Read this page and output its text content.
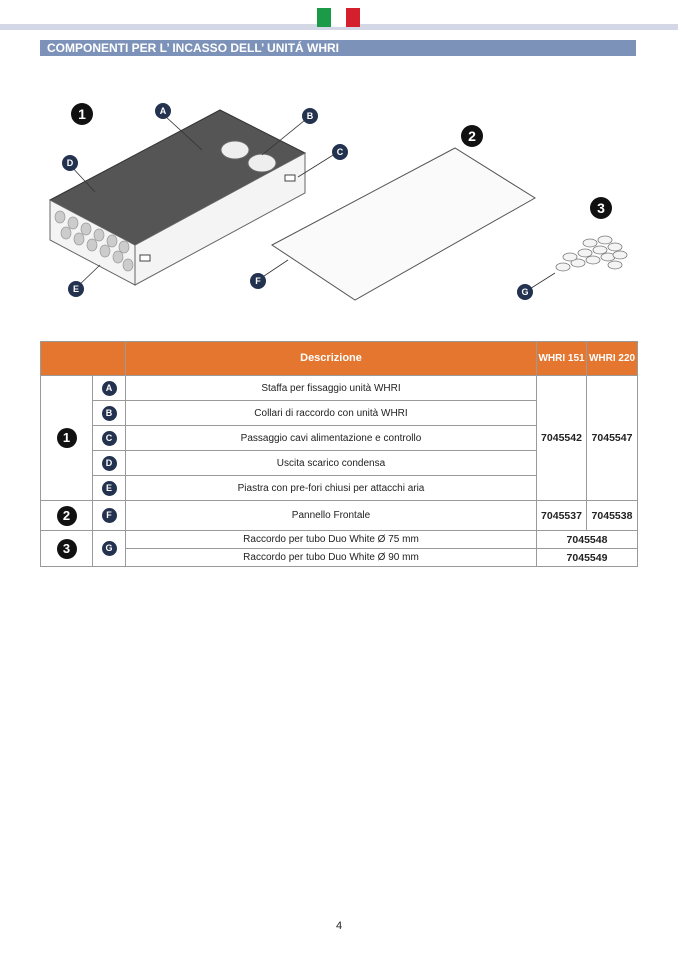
COMPONENTI PER L’ INCASSO DELL’ UNITÁ WHRI
1
2
3
A	B
C
D
E
F
G
		Descrizione	WHRI 151	WHRI 220
1	A	Staffa per fissaggio unità WHRI	7045542	7045547
	B	Collari di raccordo con unità WHRI		
	C	Passaggio cavi alimentazione e controllo		
	D	Uscita scarico condensa		
	E	Piastra con pre-fori chiusi per attacchi aria		
2	F	Pannello Frontale	7045537	7045538
3	G	Raccordo per tubo Duo White Ø 75 mm	7045548	
		Raccordo per tubo Duo White Ø 90 mm	7045549	
4
